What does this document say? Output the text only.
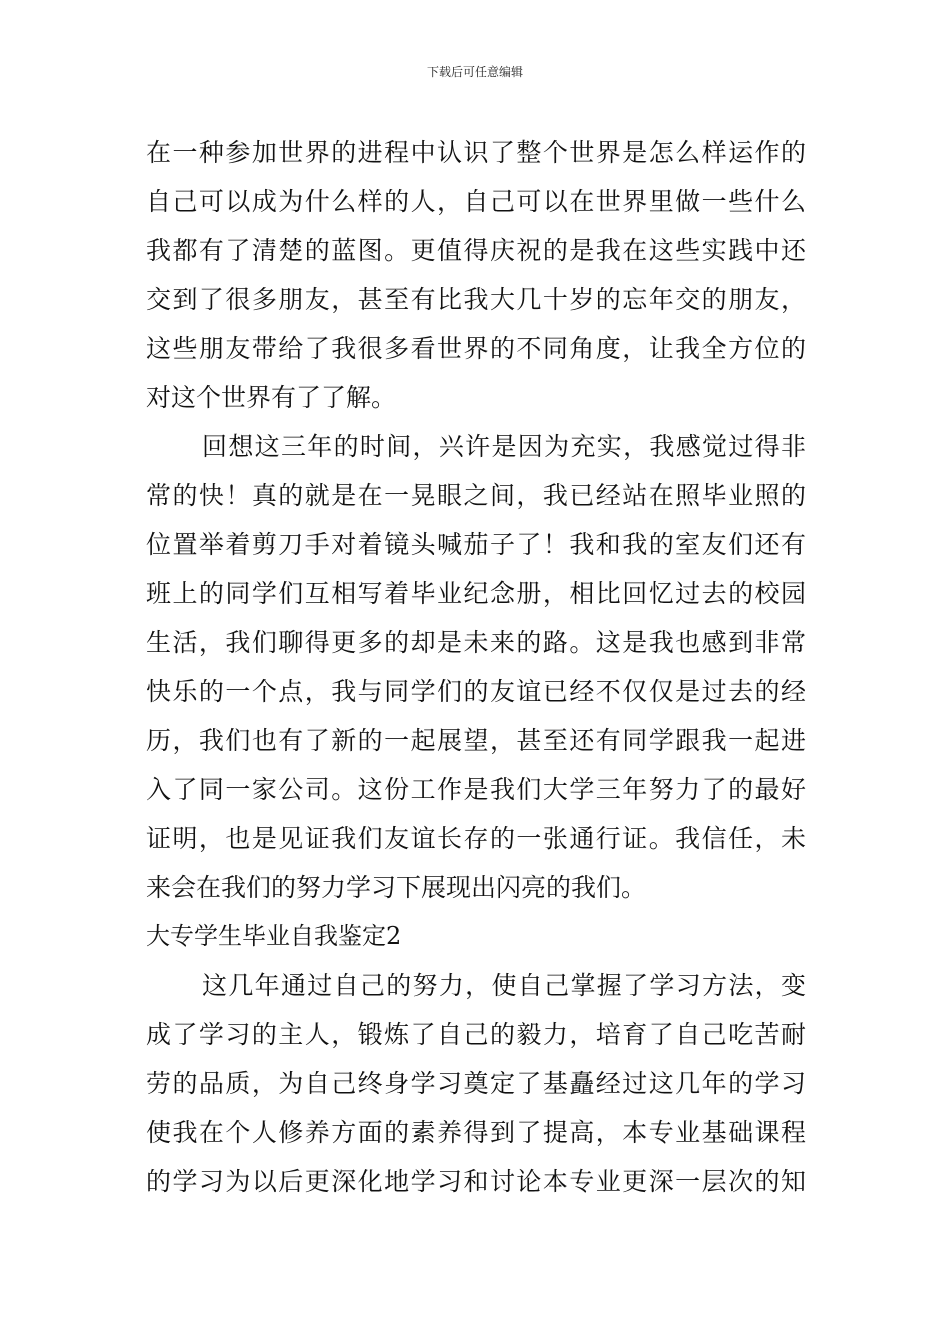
下载后可任意编辑
在一种参加世界的进程中认识了整个世界是怎么样运作的
自己可以成为什么样的人，自己可以在世界里做一些什么
我都有了清楚的蓝图。更值得庆祝的是我在这些实践中还
交到了很多朋友，甚至有比我大几十岁的忘年交的朋友，
这些朋友带给了我很多看世界的不同角度，让我全方位的
对这个世界有了了解。
回想这三年的时间，兴许是因为充实，我感觉过得非
常的快！真的就是在一晃眼之间，我已经站在照毕业照的
位置举着剪刀手对着镜头喊茄子了！我和我的室友们还有
班上的同学们互相写着毕业纪念册，相比回忆过去的校园
生活，我们聊得更多的却是未来的路。这是我也感到非常
快乐的一个点，我与同学们的友谊已经不仅仅是过去的经
历，我们也有了新的一起展望，甚至还有同学跟我一起进
入了同一家公司。这份工作是我们大学三年努力了的最好
证明，也是见证我们友谊长存的一张通行证。我信任，未
来会在我们的努力学习下展现出闪亮的我们。
大专学生毕业自我鉴定2
这几年通过自己的努力，使自己掌握了学习方法，变
成了学习的主人，锻炼了自己的毅力，培育了自己吃苦耐
劳的品质，为自己终身学习奠定了基矗经过这几年的学习
使我在个人修养方面的素养得到了提高，本专业基础课程
的学习为以后更深化地学习和讨论本专业更深一层次的知
